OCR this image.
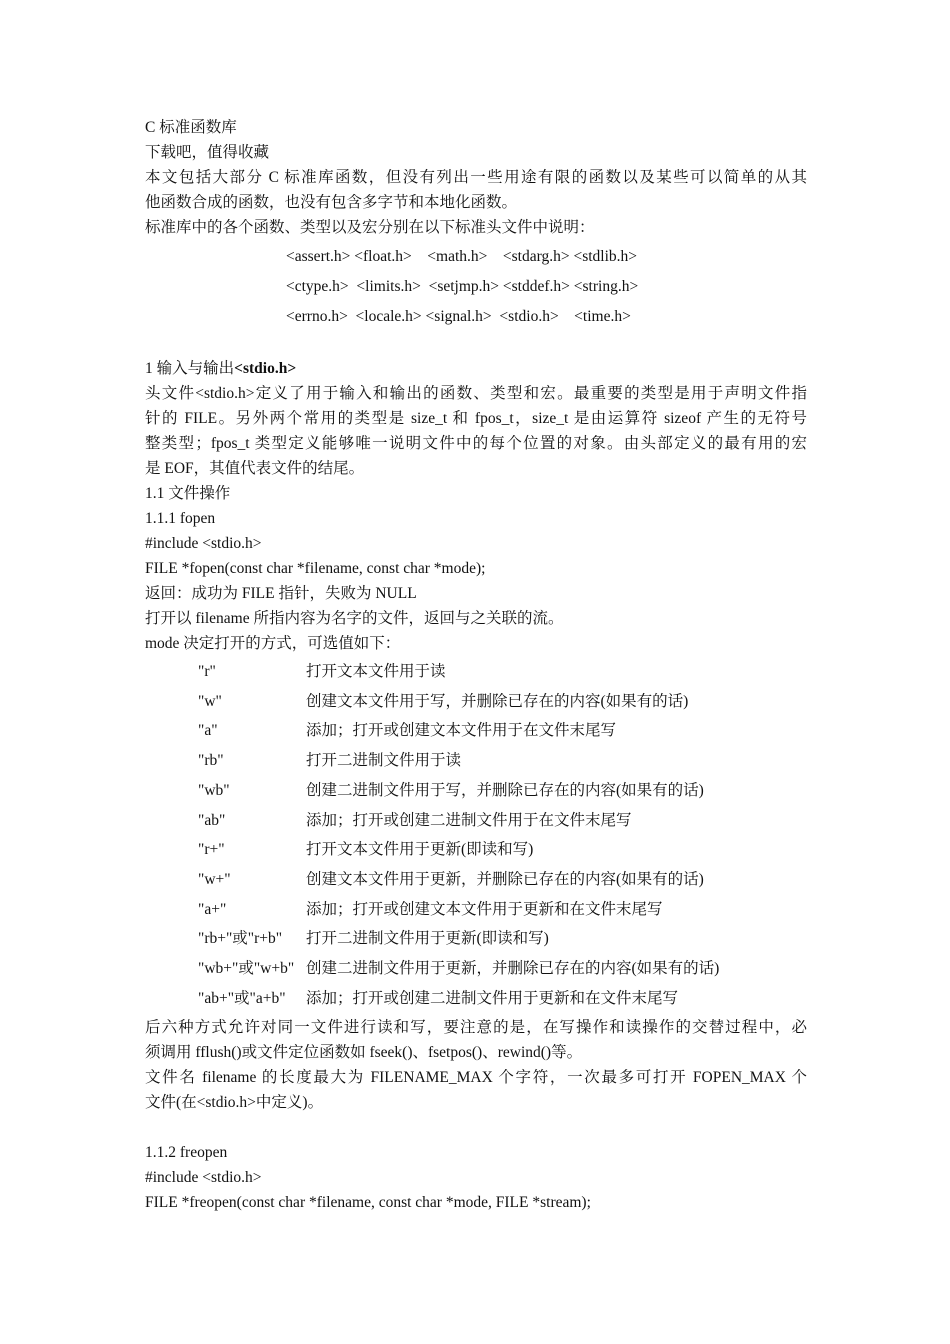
C 标准函数库
下载吧，值得收藏
本文包括大部分 C 标准库函数，但没有列出一些用途有限的函数以及某些可以简单的从其
他函数合成的函数，也没有包含多字节和本地化函数。
标准库中的各个函数、类型以及宏分别在以下标准头文件中说明：
<assert.h> <float.h>    <math.h>    <stdarg.h> <stdlib.h>
<ctype.h>  <limits.h>  <setjmp.h> <stddef.h> <string.h>
<errno.h>  <locale.h> <signal.h>  <stdio.h>    <time.h>
1 输入与输出<stdio.h>
头文件<stdio.h>定义了用于输入和输出的函数、类型和宏。最重要的类型是用于声明文件指
针的 FILE。另外两个常用的类型是 size_t 和 fpos_t，size_t 是由运算符 sizeof 产生的无符号
整类型；fpos_t 类型定义能够唯一说明文件中的每个位置的对象。由头部定义的最有用的宏
是 EOF，其值代表文件的结尾。
1.1 文件操作
1.1.1 fopen
#include <stdio.h>
FILE *fopen(const char *filename, const char *mode);
返回：成功为 FILE 指针，失败为 NULL
打开以 filename 所指内容为名字的文件，返回与之关联的流。
mode 决定打开的方式，可选值如下：
"r"	打开文本文件用于读
"w"	创建文本文件用于写，并删除已存在的内容(如果有的话)
"a"	添加；打开或创建文本文件用于在文件末尾写
"rb"	打开二进制文件用于读
"wb"	创建二进制文件用于写，并删除已存在的内容(如果有的话)
"ab"	添加；打开或创建二进制文件用于在文件末尾写
"r+"	打开文本文件用于更新(即读和写)
"w+"	创建文本文件用于更新，并删除已存在的内容(如果有的话)
"a+"	添加；打开或创建文本文件用于更新和在文件末尾写
"rb+"或"r+b" 打开二进制文件用于更新(即读和写)
"wb+"或"w+b" 创建二进制文件用于更新，并删除已存在的内容(如果有的话)
"ab+"或"a+b" 添加；打开或创建二进制文件用于更新和在文件末尾写
后六种方式允许对同一文件进行读和写，要注意的是，在写操作和读操作的交替过程中，必
须调用 fflush()或文件定位函数如 fseek()、fsetpos()、rewind()等。
文件名 filename 的长度最大为 FILENAME_MAX 个字符，一次最多可打开 FOPEN_MAX 个
文件(在<stdio.h>中定义)。
1.1.2 freopen
#include <stdio.h>
FILE *freopen(const char *filename, const char *mode, FILE *stream);
